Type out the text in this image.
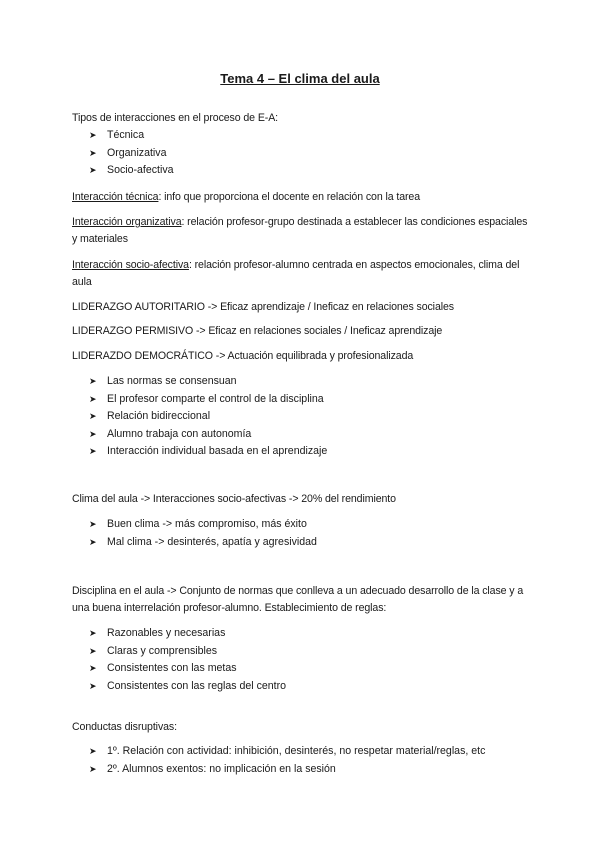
Tema 4 – El clima del aula
Tipos de interacciones en el proceso de E-A:
➤ Técnica
➤ Organizativa
➤ Socio-afectiva
Interacción técnica: info que proporciona el docente en relación con la tarea
Interacción organizativa: relación profesor-grupo destinada a establecer las condiciones espaciales y materiales
Interacción socio-afectiva: relación profesor-alumno centrada en aspectos emocionales, clima del aula
LIDERAZGO AUTORITARIO -> Eficaz aprendizaje / Ineficaz en relaciones sociales
LIDERAZGO PERMISIVO -> Eficaz en relaciones sociales / Ineficaz aprendizaje
LIDERAZDO DEMOCRÁTICO -> Actuación equilibrada y profesionalizada
➤ Las normas se consensuan
➤ El profesor comparte el control de la disciplina
➤ Relación bidireccional
➤ Alumno trabaja con autonomía
➤ Interacción individual basada en el aprendizaje
Clima del aula -> Interacciones socio-afectivas -> 20% del rendimiento
➤ Buen clima -> más compromiso, más éxito
➤ Mal clima -> desinterés, apatía y agresividad
Disciplina en el aula -> Conjunto de normas que conlleva a un adecuado desarrollo de la clase y a una buena interrelación profesor-alumno. Establecimiento de reglas:
➤ Razonables y necesarias
➤ Claras y comprensibles
➤ Consistentes con las metas
➤ Consistentes con las reglas del centro
Conductas disruptivas:
➤ 1º. Relación con actividad: inhibición, desinterés, no respetar material/reglas, etc
➤ 2º. Alumnos exentos: no implicación en la sesión
